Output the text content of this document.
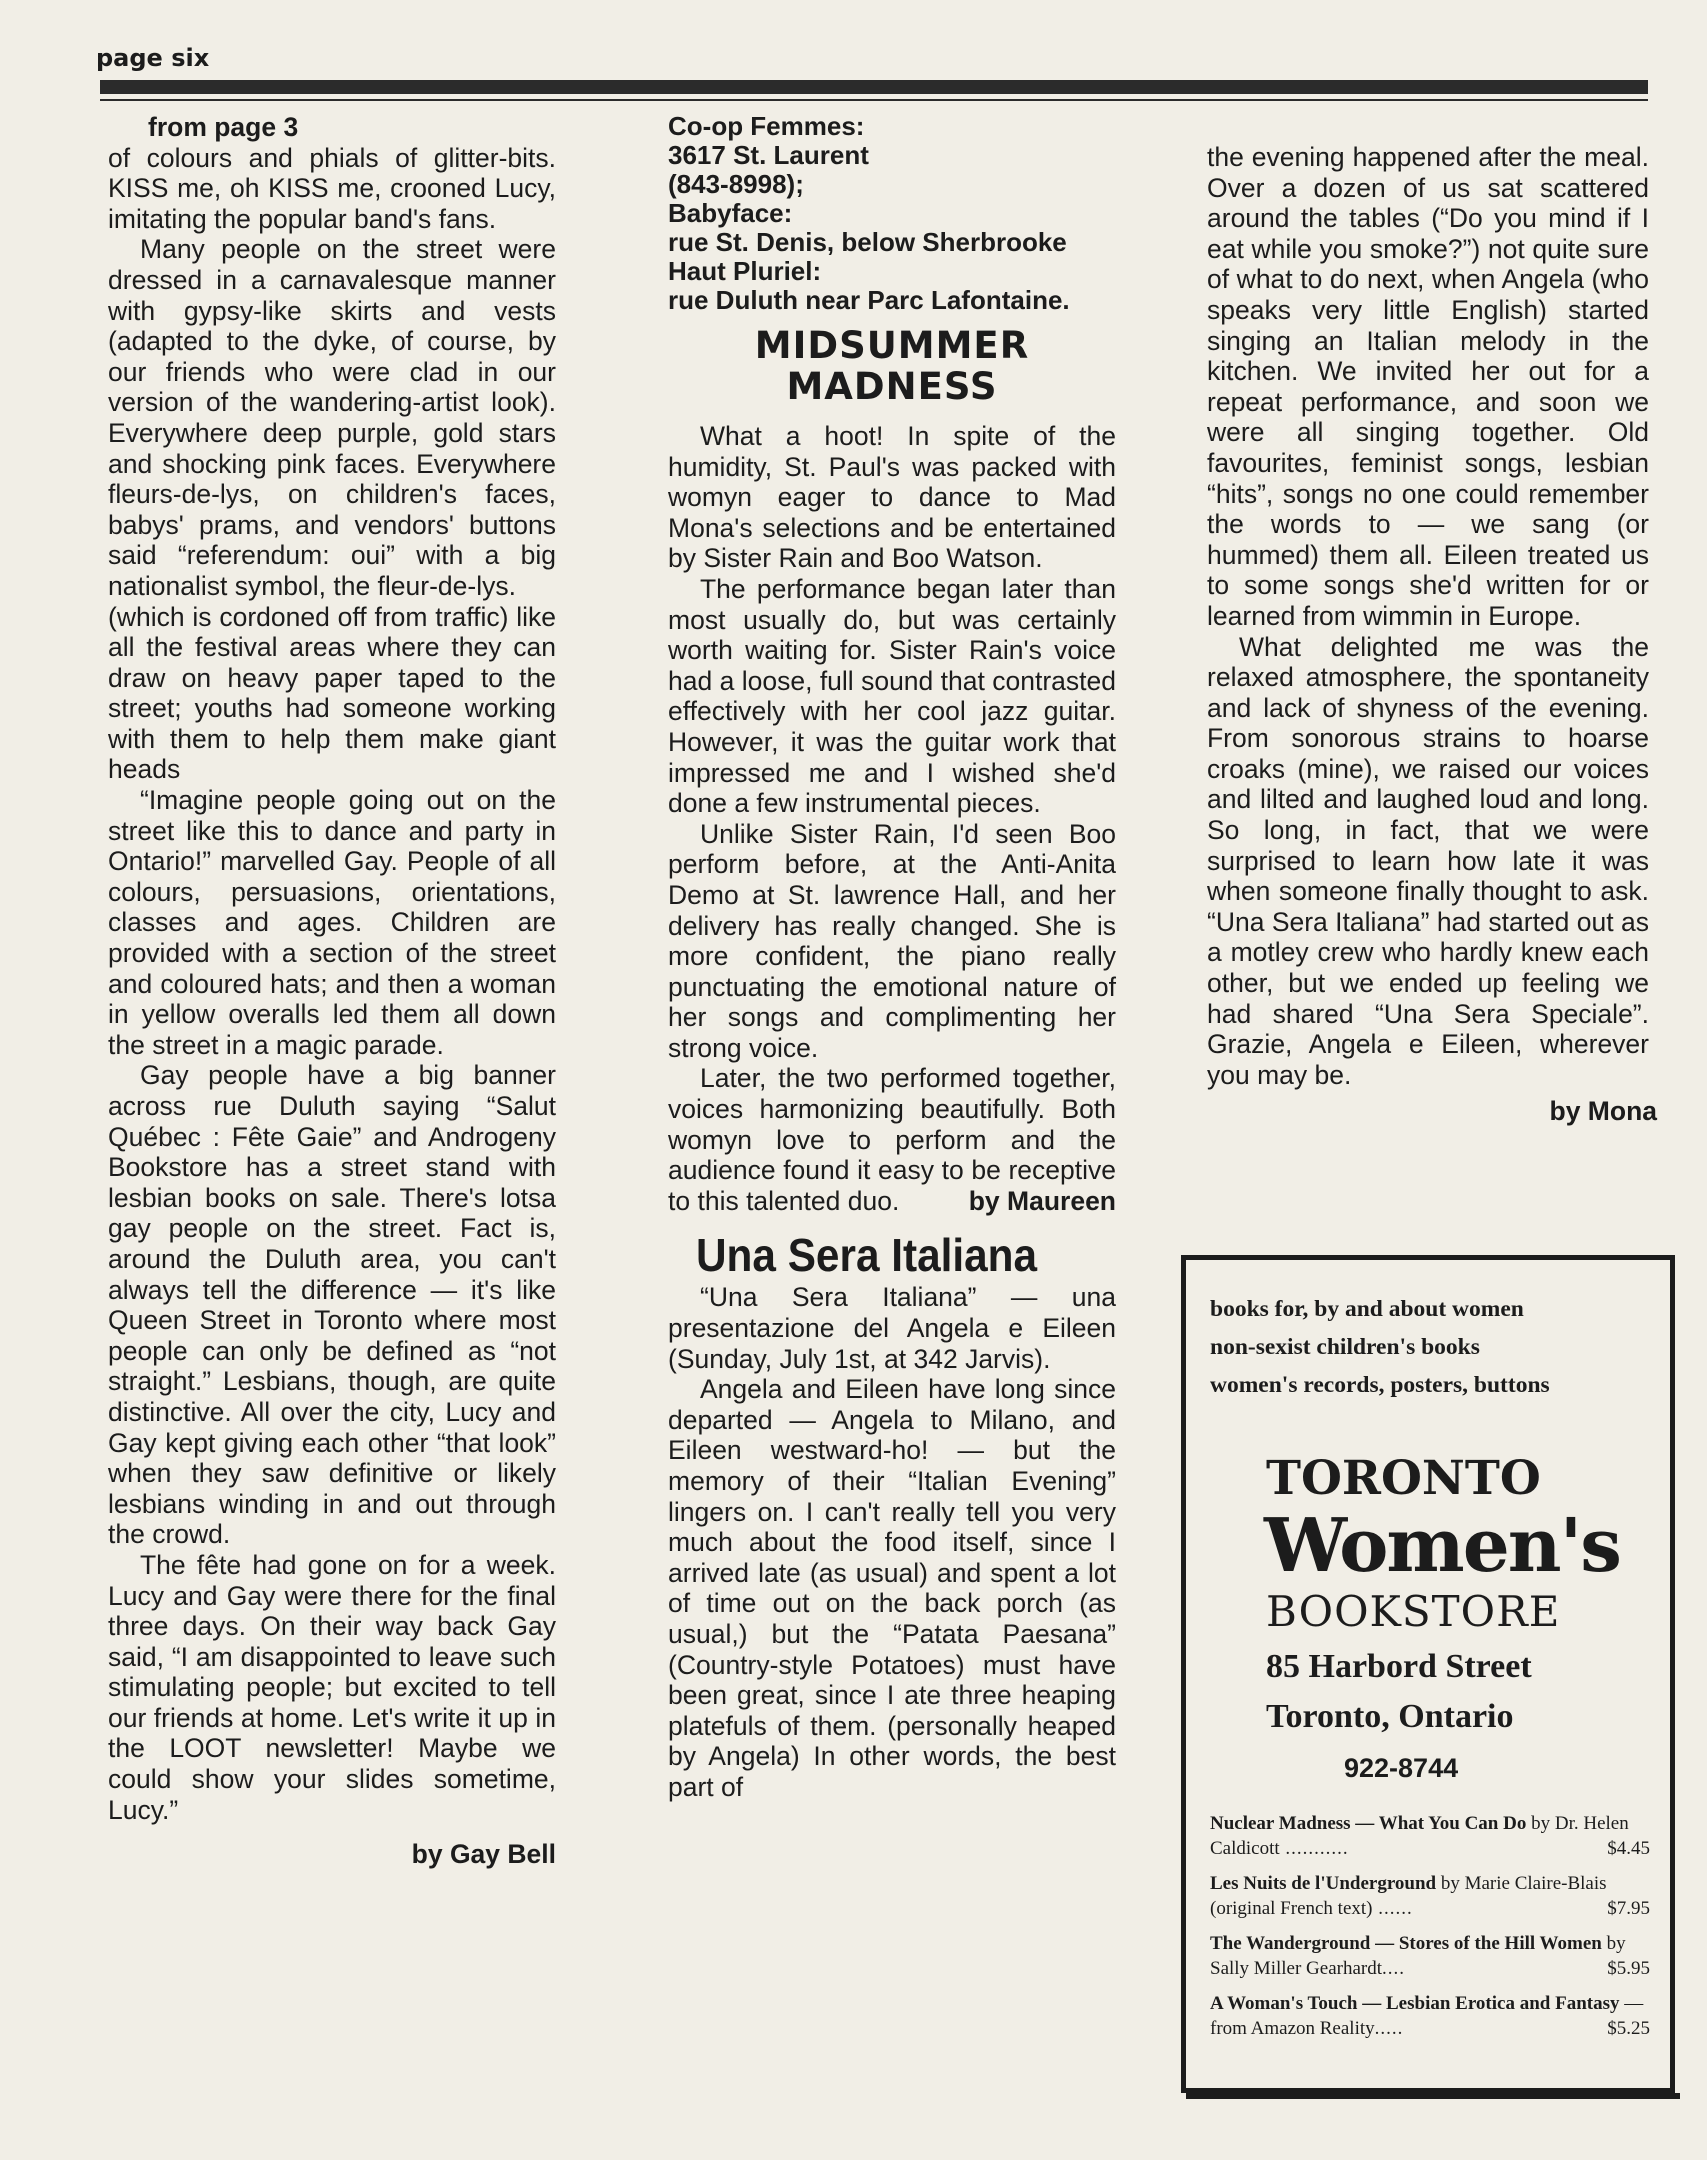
page six
from page 3

of colours and phials of glitter-bits. KISS me, oh KISS me, crooned Lucy, imitating the popular band's fans.

Many people on the street were dressed in a carnavalesque manner with gypsy-like skirts and vests (adapted to the dyke, of course, by our friends who were clad in our version of the wandering-artist look). Everywhere deep purple, gold stars and shocking pink faces. Everywhere fleurs-de-lys, on children's faces, babys' prams, and vendors' buttons said “referendum: oui” with a big nationalist symbol, the fleur-de-lys.

(which is cordoned off from traffic) like all the festival areas where they can draw on heavy paper taped to the street; youths had someone working with them to help them make giant heads

“Imagine people going out on the street like this to dance and party in Ontario!” marvelled Gay. People of all colours, persuasions, orientations, classes and ages. Children are provided with a section of the street and coloured hats; and then a woman in yellow overalls led them all down the street in a magic parade.

Gay people have a big banner across rue Duluth saying “Salut Québec : Fête Gaie” and Androgeny Bookstore has a street stand with lesbian books on sale. There's lotsa gay people on the street. Fact is, around the Duluth area, you can't always tell the difference — it's like Queen Street in Toronto where most people can only be defined as “not straight.” Lesbians, though, are quite distinctive. All over the city, Lucy and Gay kept giving each other “that look” when they saw definitive or likely lesbians winding in and out through the crowd.

The fête had gone on for a week. Lucy and Gay were there for the final three days. On their way back Gay said, “I am disappointed to leave such stimulating people; but excited to tell our friends at home. Let's write it up in the LOOT newsletter! Maybe we could show your slides sometime, Lucy.”

by Gay Bell
Co-op Femmes:
3617 St. Laurent
(843-8998);
Babyface:
rue St. Denis, below Sherbrooke
Haut Pluriel:
rue Duluth near Parc Lafontaine.
MIDSUMMER
MADNESS

What a hoot! In spite of the humidity, St. Paul's was packed with womyn eager to dance to Mad Mona's selections and be entertained by Sister Rain and Boo Watson.

The performance began later than most usually do, but was certainly worth waiting for. Sister Rain's voice had a loose, full sound that contrasted effectively with her cool jazz guitar. However, it was the guitar work that impressed me and I wished she'd done a few instrumental pieces.

Unlike Sister Rain, I'd seen Boo perform before, at the Anti-Anita Demo at St. lawrence Hall, and her delivery has really changed. She is more confident, the piano really punctuating the emotional nature of her songs and complimenting her strong voice.

Later, the two performed together, voices harmonizing beautifully. Both womyn love to perform and the audience found it easy to be receptive to this talented duo.	by Maureen

Una Sera Italiana

“Una Sera Italiana” — una presentazione del Angela e Eileen (Sunday, July 1st, at 342 Jarvis).

Angela and Eileen have long since departed — Angela to Milano, and Eileen westward-ho! — but the memory of their “Italian Evening” lingers on. I can't really tell you very much about the food itself, since I arrived late (as usual) and spent a lot of time out on the back porch (as usual,) but the “Patata Paesana” (Country-style Potatoes) must have been great, since I ate three heaping platefuls of them. (personally heaped by Angela) In other words, the best part of

the evening happened after the meal. Over a dozen of us sat scattered around the tables (“Do you mind if I eat while you smoke?”) not quite sure of what to do next, when Angela (who speaks very little English) started singing an Italian melody in the kitchen. We invited her out for a repeat performance, and soon we were all singing together. Old favourites, feminist songs, lesbian “hits”, songs no one could remember the words to — we sang (or hummed) them all. Eileen treated us to some songs she'd written for or learned from wimmin in Europe.

What delighted me was the relaxed atmosphere, the spontaneity and lack of shyness of the evening. From sonorous strains to hoarse croaks (mine), we raised our voices and lilted and laughed loud and long. So long, in fact, that we were surprised to learn how late it was when someone finally thought to ask. “Una Sera Italiana” had started out as a motley crew who hardly knew each other, but we ended up feeling we had shared “Una Sera Speciale”. Grazie, Angela e Eileen, wherever you may be.

by Mona
books for, by and about women
non-sexist children's books
women's records, posters, buttons
TORONTO
Women's
BOOKSTORE
85 Harbord Street
Toronto, Ontario
922-8744
Nuclear Madness — What You Can Do by Dr. Helen Caldicott ...........	$4.45
Les Nuits de l'Underground by Marie Claire-Blais (original French text) ......	$7.95
The Wanderground — Stores of the Hill Women by Sally Miller Gearhardt....	$5.95
A Woman's Touch — Lesbian Erotica and Fantasy — from Amazon Reality.....	$5.25
